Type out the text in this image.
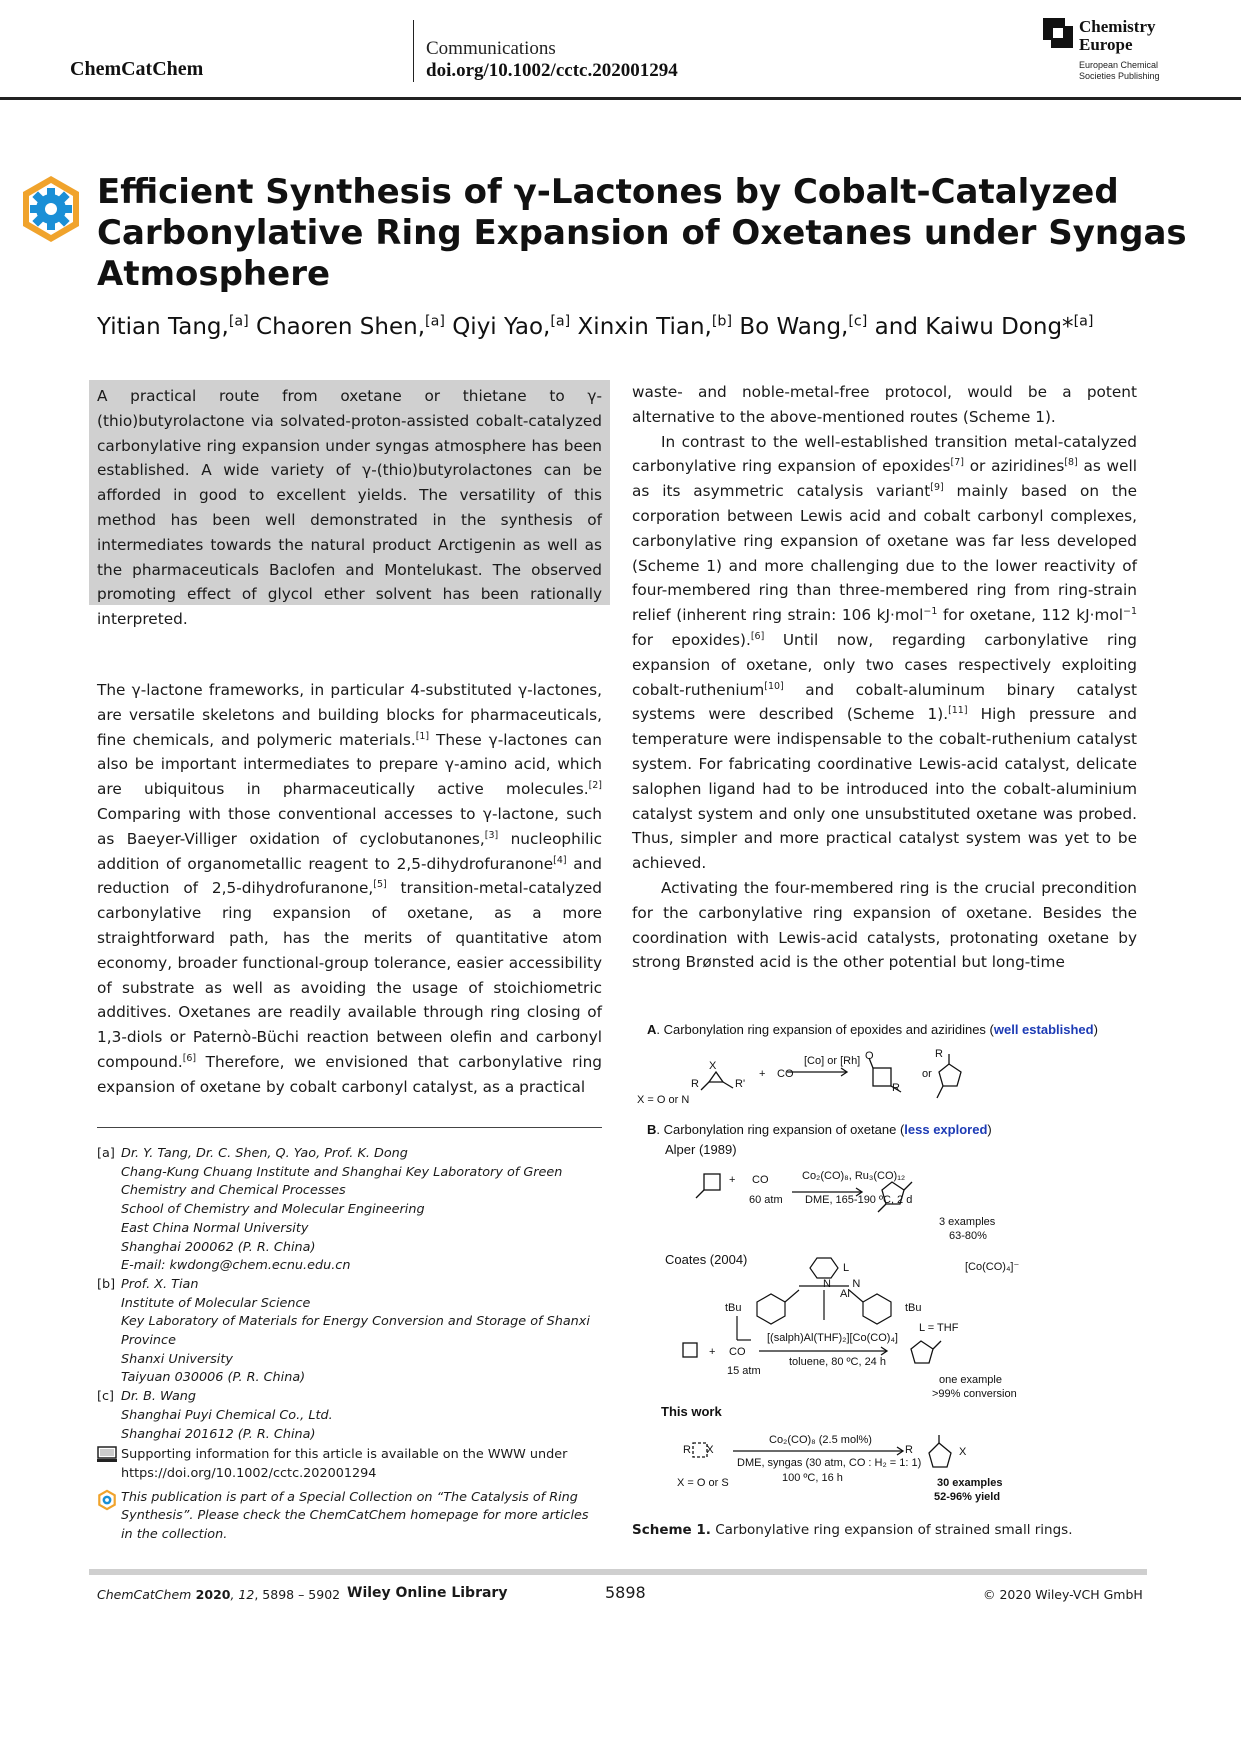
ChemCatChem
Communications
doi.org/10.1002/cctc.202001294
Chemistry
Europe
European Chemical
Societies Publishing
Efficient Synthesis of γ-Lactones by Cobalt-Catalyzed Carbonylative Ring Expansion of Oxetanes under Syngas Atmosphere
Yitian Tang,[a] Chaoren Shen,[a] Qiyi Yao,[a] Xinxin Tian,[b] Bo Wang,[c] and Kaiwu Dong*[a]

A practical route from oxetane or thietane to γ-(thio)butyrolactone via solvated-proton-assisted cobalt-catalyzed carbonylative ring expansion under syngas atmosphere has been established. A wide variety of γ-(thio)butyrolactones can be afforded in good to excellent yields. The versatility of this method has been well demonstrated in the synthesis of intermediates towards the natural product Arctigenin as well as the pharmaceuticals Baclofen and Montelukast. The observed promoting effect of glycol ether solvent has been rationally interpreted.

The γ-lactone frameworks, in particular 4-substituted γ-lactones, are versatile skeletons and building blocks for pharmaceuticals, fine chemicals, and polymeric materials.[1] These γ-lactones can also be important intermediates to prepare γ-amino acid, which are ubiquitous in pharmaceutically active molecules.[2] Comparing with those conventional accesses to γ-lactone, such as Baeyer-Villiger oxidation of cyclobutanones,[3] nucleophilic addition of organometallic reagent to 2,5-dihydrofuranone[4] and reduction of 2,5-dihydrofuranone,[5] transition-metal-catalyzed carbonylative ring expansion of oxetane, as a more straightforward path, has the merits of quantitative atom economy, broader functional-group tolerance, easier accessibility of substrate as well as avoiding the usage of stoichiometric additives. Oxetanes are readily available through ring closing of 1,3-diols or Paternò-Büchi reaction between olefin and carbonyl compound.[6] Therefore, we envisioned that carbonylative ring expansion of oxetane by cobalt carbonyl catalyst, as a practical

waste- and noble-metal-free protocol, would be a potent alternative to the above-mentioned routes (Scheme 1).

In contrast to the well-established transition metal-catalyzed carbonylative ring expansion of epoxides[7] or aziridines[8] as well as its asymmetric catalysis variant[9] mainly based on the corporation between Lewis acid and cobalt carbonyl complexes, carbonylative ring expansion of oxetane was far less developed (Scheme 1) and more challenging due to the lower reactivity of four-membered ring than three-membered ring from ring-strain relief (inherent ring strain: 106 kJ·mol$^{-1}$ for oxetane, 112 kJ·mol$^{-1}$ for epoxides).[6] Until now, regarding carbonylative ring expansion of oxetane, only two cases respectively exploiting cobalt-ruthenium[10] and cobalt-aluminum binary catalyst systems were described (Scheme 1).[11] High pressure and temperature were indispensable to the cobalt-ruthenium catalyst system. For fabricating coordinative Lewis-acid catalyst, delicate salophen ligand had to be introduced into the cobalt-aluminium catalyst system and only one unsubstituted oxetane was probed. Thus, simpler and more practical catalyst system was yet to be achieved.

Activating the four-membered ring is the crucial precondition for the carbonylative ring expansion of oxetane. Besides the coordination with Lewis-acid catalysts, protonating oxetane by strong Brønsted acid is the other potential but long-time

[a] Dr. Y. Tang, Dr. C. Shen, Q. Yao, Prof. K. Dong
Chang-Kung Chuang Institute and Shanghai Key Laboratory of Green Chemistry and Chemical Processes
School of Chemistry and Molecular Engineering
East China Normal University
Shanghai 200062 (P. R. China)
E-mail: kwdong@chem.ecnu.edu.cn
[b] Prof. X. Tian
Institute of Molecular Science
Key Laboratory of Materials for Energy Conversion and Storage of Shanxi Province
Shanxi University
Taiyuan 030006 (P. R. China)
[c] Dr. B. Wang
Shanghai Puyi Chemical Co., Ltd.
Shanghai 201612 (P. R. China)
Supporting information for this article is available on the WWW under https://doi.org/10.1002/cctc.202001294
This publication is part of a Special Collection on “The Catalysis of Ring Synthesis”. Please check the ChemCatChem homepage for more articles in the collection.
A. Carbonylation ring expansion of epoxides and aziridines (well established)
X
R	R'
+ CO
[Co] or [Rh] O
R
or
R
X = O or N
B. Carbonylation ring expansion of oxetane (less explored)
Alper (1989)
+ CO
60 atm
Co₂(CO)₈, Ru₃(CO)₁₂
DME, 165-190 ºC, 2 d
3 examples
63-80%
Coates (2004)
N N
Al
L
tBu	tBu
[Co(CO)₄]⁻
L = THF
+ CO
15 atm
[(salph)Al(THF)₂][Co(CO)₄]
toluene, 80 ºC, 24 h
one example
>99% conversion
This work
R X	R	X
Co₂(CO)₈ (2.5 mol%)
DME, syngas (30 atm, CO : H₂ = 1: 1)
100 ºC, 16 h
X = O or S	30 examples
52-96% yield
Scheme 1. Carbonylative ring expansion of strained small rings.
ChemCatChem 2020, 12, 5898 – 5902 Wiley Online Library	5898	© 2020 Wiley-VCH GmbH
